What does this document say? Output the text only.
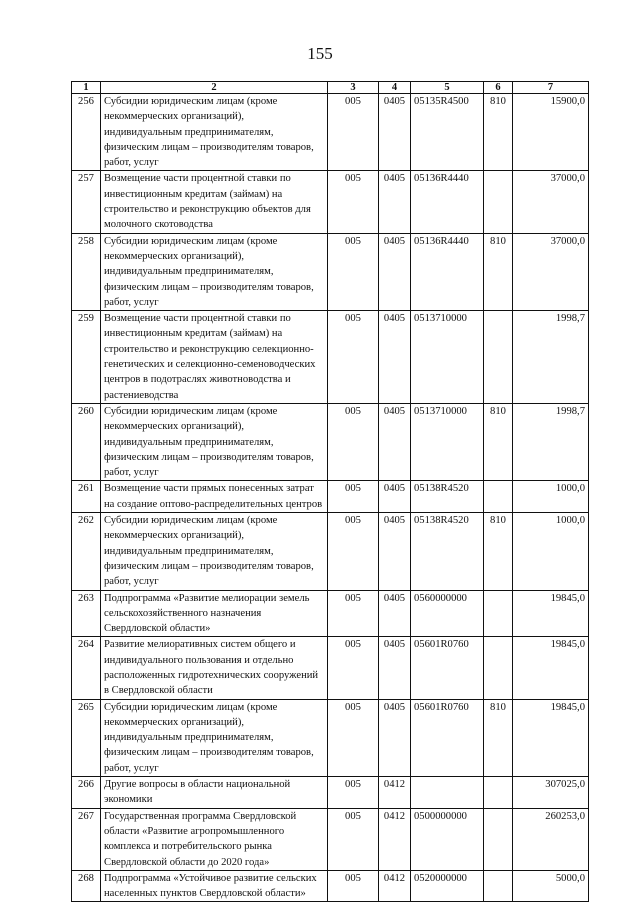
155
1	2	3	4	5	6	7
256	Субсидии юридическим лицам (кроме некоммерческих организаций), индивидуальным предпринимателям, физическим лицам – производителям товаров, работ, услуг	005	0405	05135R4500	810	15900,0
257	Возмещение части процентной ставки по инвестиционным кредитам (займам) на строительство и реконструкцию объектов для молочного скотоводства	005	0405	05136R4440		37000,0
258	Субсидии юридическим лицам (кроме некоммерческих организаций), индивидуальным предпринимателям, физическим лицам – производителям товаров, работ, услуг	005	0405	05136R4440	810	37000,0
259	Возмещение части процентной ставки по инвестиционным кредитам (займам) на строительство и реконструкцию селекционно-генетических и селекционно-семеноводческих центров в подотраслях животноводства и растениеводства	005	0405	0513710000		1998,7
260	Субсидии юридическим лицам (кроме некоммерческих организаций), индивидуальным предпринимателям, физическим лицам – производителям товаров, работ, услуг	005	0405	0513710000	810	1998,7
261	Возмещение части прямых понесенных затрат на создание оптово-распределительных центров	005	0405	05138R4520		1000,0
262	Субсидии юридическим лицам (кроме некоммерческих организаций), индивидуальным предпринимателям, физическим лицам – производителям товаров, работ, услуг	005	0405	05138R4520	810	1000,0
263	Подпрограмма «Развитие мелиорации земель сельскохозяйственного назначения Свердловской области»	005	0405	0560000000		19845,0
264	Развитие мелиоративных систем общего и индивидуального пользования и отдельно расположенных гидротехнических сооружений в Свердловской области	005	0405	05601R0760		19845,0
265	Субсидии юридическим лицам (кроме некоммерческих организаций), индивидуальным предпринимателям, физическим лицам – производителям товаров, работ, услуг	005	0405	05601R0760	810	19845,0
266	Другие вопросы в области национальной экономики	005	0412			307025,0
267	Государственная программа Свердловской области «Развитие агропромышленного комплекса и потребительского рынка Свердловской области до 2020 года»	005	0412	0500000000		260253,0
268	Подпрограмма «Устойчивое развитие сельских населенных пунктов Свердловской области»	005	0412	0520000000		5000,0
